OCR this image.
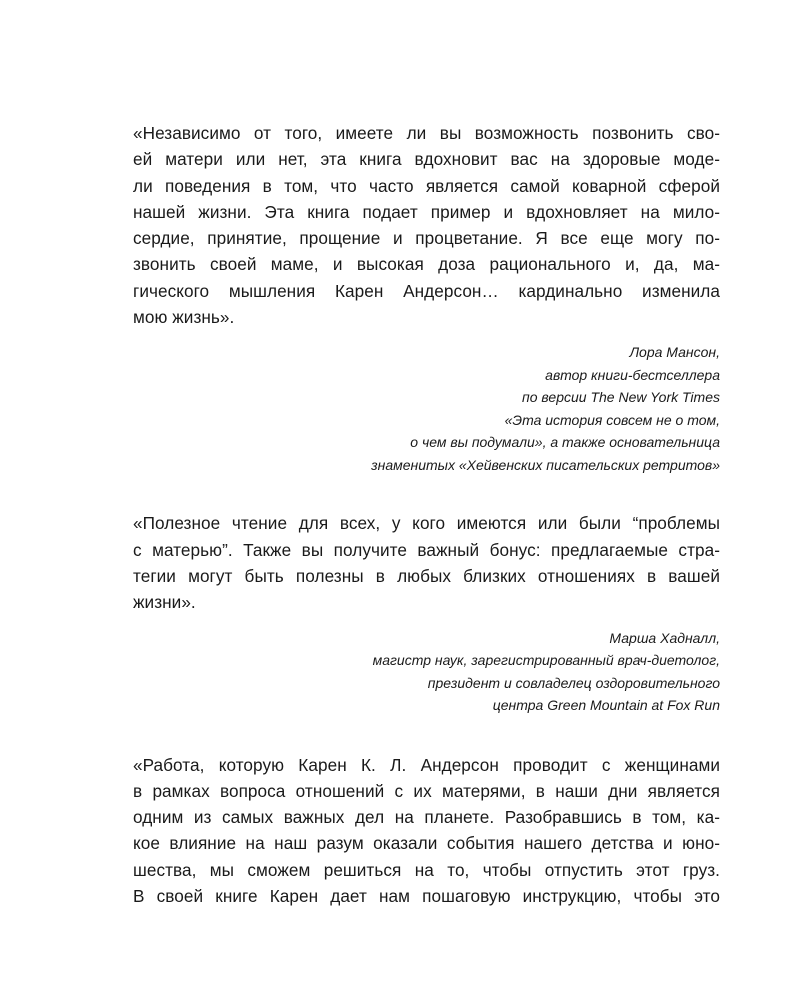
«Независимо от того, имеете ли вы возможность позвонить сво-
ей матери или нет, эта книга вдохновит вас на здоровые моде-
ли поведения в том, что часто является самой коварной сферой
нашей жизни. Эта книга подает пример и вдохновляет на мило-
сердие, принятие, прощение и процветание. Я все еще могу по-
звонить своей маме, и высокая доза рационального и, да, ма-
гического мышления Карен Андерсон… кардинально изменила
мою жизнь».
Лора Мансон,
автор книги-бестселлера
по версии The New York Times
«Эта история совсем не о том,
о чем вы подумали», а также основательница
знаменитых «Хейвенских писательских ретритов»
«Полезное чтение для всех, у кого имеются или были “проблемы
с матерью”. Также вы получите важный бонус: предлагаемые стра-
тегии могут быть полезны в любых близких отношениях в вашей
жизни».
Марша Хадналл,
магистр наук, зарегистрированный врач-диетолог,
президент и совладелец оздоровительного
центра Green Mountain at Fox Run
«Работа, которую Карен К. Л. Андерсон проводит с женщинами
в рамках вопроса отношений с их матерями, в наши дни является
одним из самых важных дел на планете. Разобравшись в том, ка-
кое влияние на наш разум оказали события нашего детства и юно-
шества, мы сможем решиться на то, чтобы отпустить этот груз.
В своей книге Карен дает нам пошаговую инструкцию, чтобы это
